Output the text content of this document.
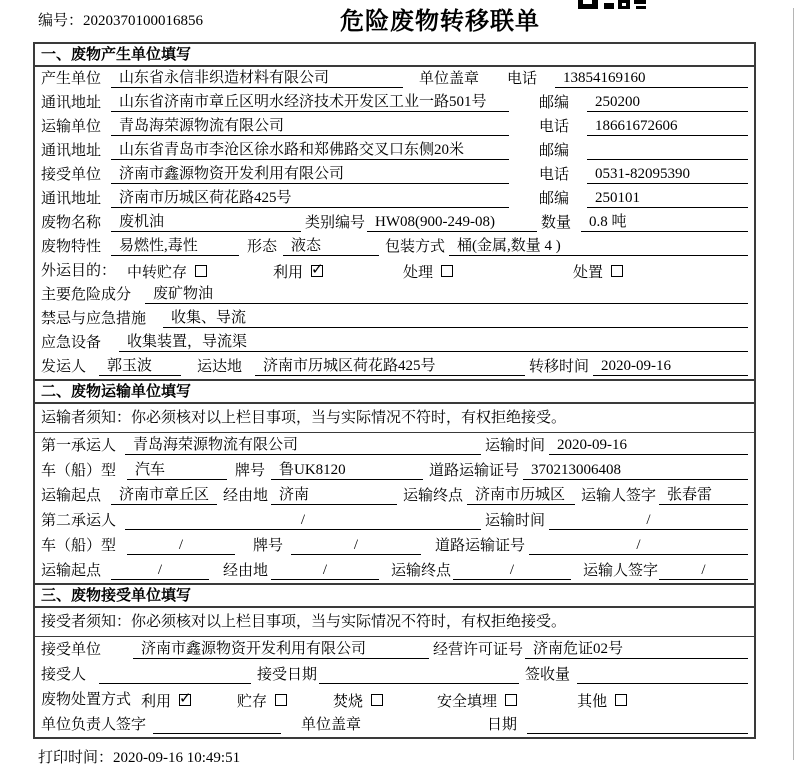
编号：2020370100016856	危险废物转移联单
一、废物产生单位填写
产生单位	山东省永信非织造材料有限公司	单位盖章 电话	13854169160
通讯地址	山东省济南市章丘区明水经济技术开发区工业一路501号	邮编	250200
运输单位	青岛海荣源物流有限公司	电话	18661672606
通讯地址	山东省青岛市李沧区徐水路和郑佛路交叉口东侧20米	邮编
接受单位	济南市鑫源物资开发利用有限公司	电话	0531-82095390
通讯地址	济南市历城区荷花路425号	邮编	250101
废物名称	废机油	类别编号 HW08(900-249-08)	数量	0.8 吨
废物特性	易燃性,毒性	形态 液态	包装方式 桶(金属,数量 4 )
外运目的： 中转贮存	利用 ✓	处理	处置
主要危险成分	废矿物油
禁忌与应急措施	收集、导流
应急设备	收集装置，导流渠
发运人	郭玉波	运达地	济南市历城区荷花路425号	转移时间 2020-09-16
二、废物运输单位填写
运输者须知：你必须核对以上栏目事项，当与实际情况不符时，有权拒绝接受。
第一承运人	青岛海荣源物流有限公司	运输时间 2020-09-16
车（船）型	汽车	牌号 鲁UK8120	道路运输证号 370213006408
运输起点	济南市章丘区 经由地 济南	运输终点 济南市历城区	运输人签字 张春雷
第二承运人	/	运输时间	/
车（船）型	/	牌号	/	道路运输证号	/
运输起点	/	经由地	/	运输终点	/	运输人签字	/
三、废物接受单位填写
接受者须知：你必须核对以上栏目事项，当与实际情况不符时，有权拒绝接受。
接受单位	济南市鑫源物资开发利用有限公司	经营许可证号 济南危证02号
接受人	接受日期	签收量
废物处置方式 利用 ✓	贮存	焚烧	安全填埋	其他
单位负责人签字	单位盖章	日期
打印时间：2020-09-16 10:49:51
